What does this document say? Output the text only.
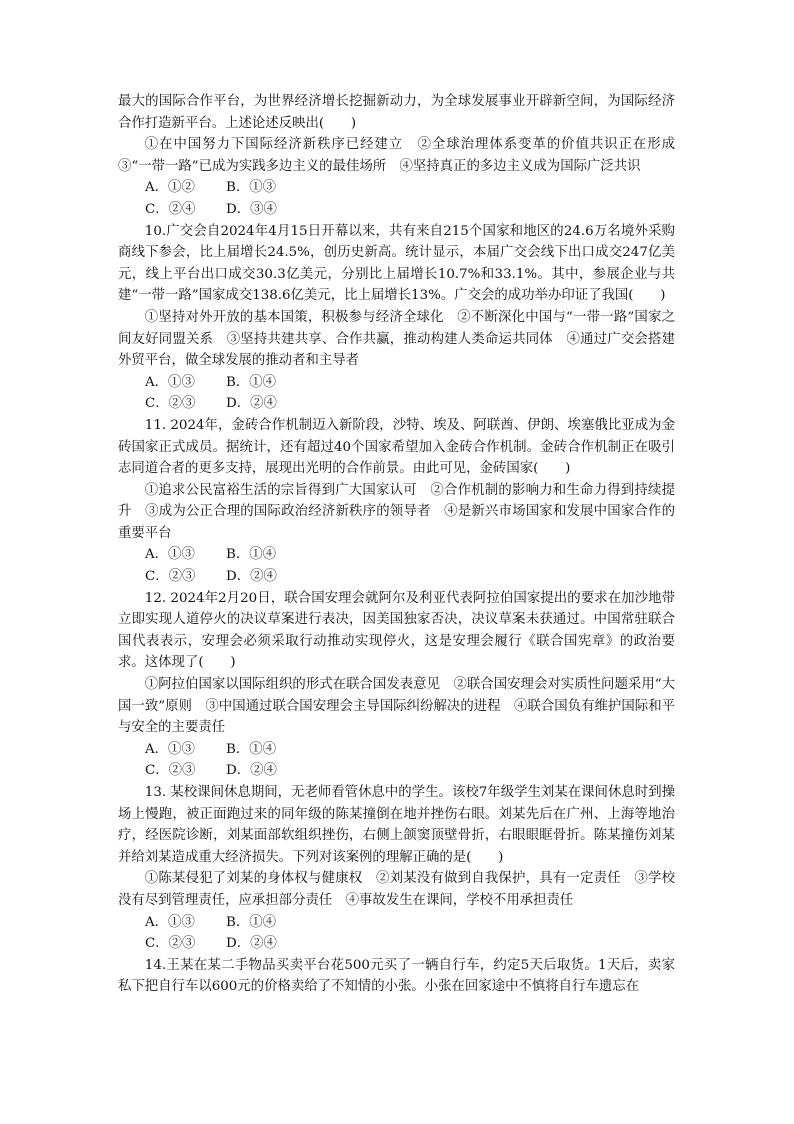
最大的国际合作平台，为世界经济增长挖掘新动力，为全球发展事业开辟新空间，为国际经济合作打造新平台。上述论述反映出(　　)

①在中国努力下国际经济新秩序已经建立　②全球治理体系变革的价值共识正在形成　③“一带一路”已成为实践多边主义的最佳场所　④坚持真正的多边主义成为国际广泛共识

A．①②	B．①③
C．②④	D．③④

10.广交会自2024年4月15日开幕以来，共有来自215个国家和地区的24.6万名境外采购商线下参会，比上届增长24.5%，创历史新高。统计显示，本届广交会线下出口成交247亿美元，线上平台出口成交30.3亿美元，分别比上届增长10.7%和33.1%。其中，参展企业与共建“一带一路”国家成交138.6亿美元，比上届增长13%。广交会的成功举办印证了我国(　　)

①坚持对外开放的基本国策，积极参与经济全球化　②不断深化中国与“一带一路”国家之间友好同盟关系　③坚持共建共享、合作共赢，推动构建人类命运共同体　④通过广交会搭建外贸平台，做全球发展的推动者和主导者

A．①③	B．①④
C．②③	D．②④

11. 2024年，金砖合作机制迈入新阶段，沙特、埃及、阿联酋、伊朗、埃塞俄比亚成为金砖国家正式成员。据统计，还有超过40个国家希望加入金砖合作机制。金砖合作机制正在吸引志同道合者的更多支持，展现出光明的合作前景。由此可见，金砖国家(　　)

①追求公民富裕生活的宗旨得到广大国家认可　②合作机制的影响力和生命力得到持续提升　③成为公正合理的国际政治经济新秩序的领导者　④是新兴市场国家和发展中国家合作的重要平台

A．①③	B．①④
C．②③	D．②④

12. 2024年2月20日，联合国安理会就阿尔及利亚代表阿拉伯国家提出的要求在加沙地带立即实现人道停火的决议草案进行表决，因美国独家否决，决议草案未获通过。中国常驻联合国代表表示，安理会必须采取行动推动实现停火，这是安理会履行《联合国宪章》的政治要求。这体现了(　　)

①阿拉伯国家以国际组织的形式在联合国发表意见　②联合国安理会对实质性问题采用“大国一致”原则　③中国通过联合国安理会主导国际纠纷解决的进程　④联合国负有维护国际和平与安全的主要责任

A．①③	B．①④
C．②③	D．②④

13. 某校课间休息期间，无老师看管休息中的学生。该校7年级学生刘某在课间休息时到操场上慢跑，被正面跑过来的同年级的陈某撞倒在地并挫伤右眼。刘某先后在广州、上海等地治疗，经医院诊断，刘某面部软组织挫伤，右侧上颌窦顶壁骨折，右眼眼眶骨折。陈某撞伤刘某并给刘某造成重大经济损失。下列对该案例的理解正确的是(　　)

①陈某侵犯了刘某的身体权与健康权　②刘某没有做到自我保护，具有一定责任　③学校没有尽到管理责任，应承担部分责任　④事故发生在课间，学校不用承担责任

A．①③	B．①④
C．②③	D．②④

14.王某在某二手物品买卖平台花500元买了一辆自行车，约定5天后取货。1天后，卖家私下把自行车以600元的价格卖给了不知情的小张。小张在回家途中不慎将自行车遗忘在
